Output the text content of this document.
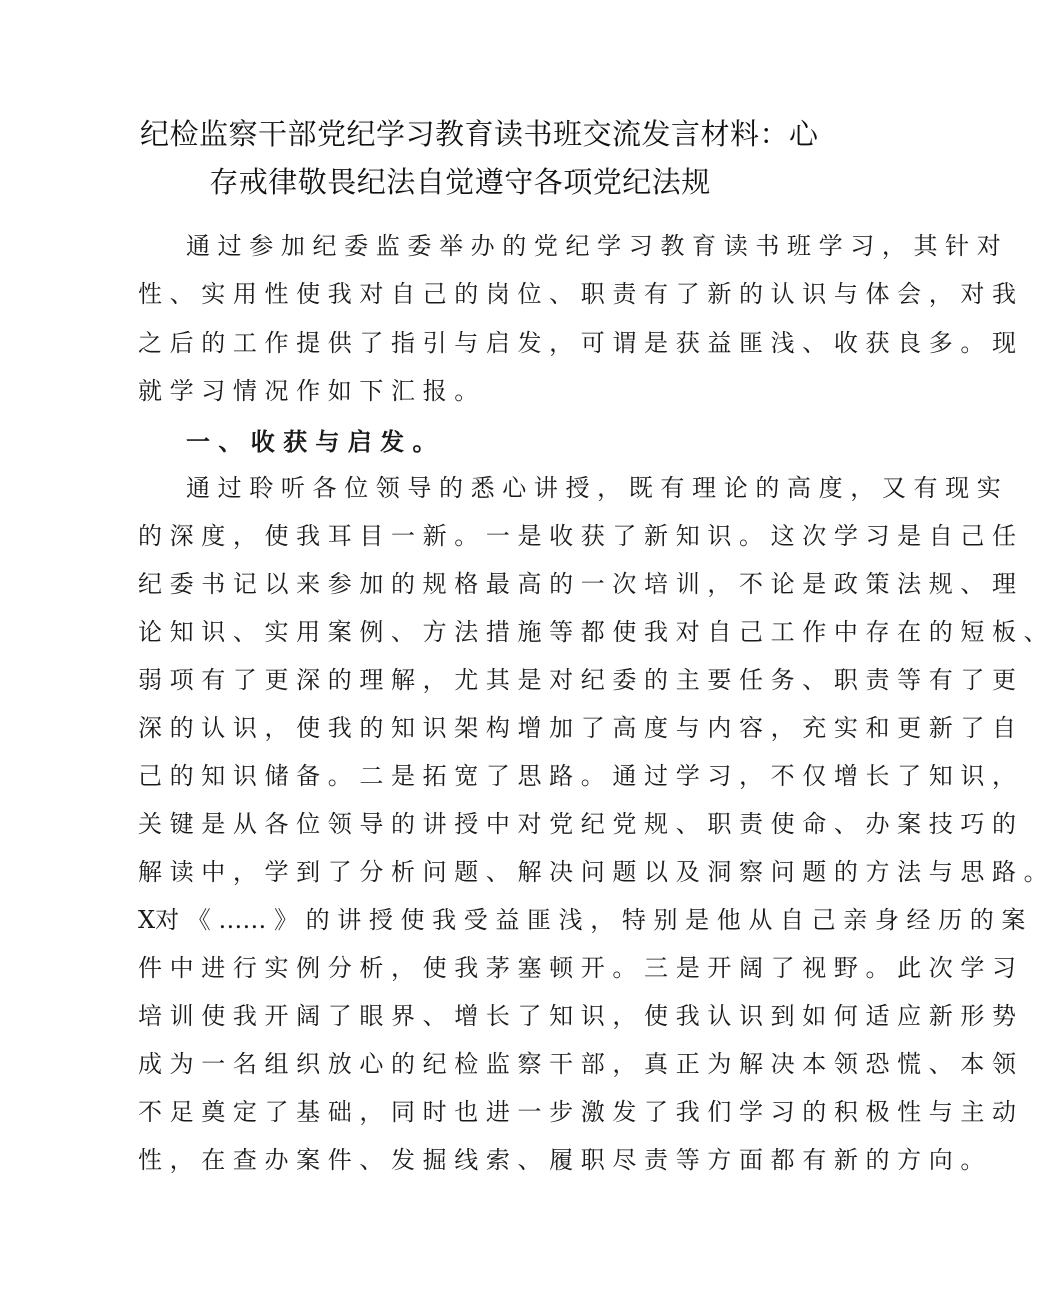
纪检监察干部党纪学习教育读书班交流发言材料：心
存戒律敬畏纪法自觉遵守各项党纪法规
通 过 参 加 纪 委 监 委 举 办 的 党 纪 学 习 教 育 读 书 班 学 习 ， 其 针 对
性 、 实 用 性 使 我 对 自 己 的 岗 位 、 职 责 有 了 新 的 认 识 与 体 会 ， 对 我
之 后 的 工 作 提 供 了 指 引 与 启 发 ， 可 谓 是 获 益 匪 浅 、 收 获 良 多 。 现
就 学 习 情 况 作 如 下 汇 报 。
一 、 收 获 与 启 发 。
通 过 聆 听 各 位 领 导 的 悉 心 讲 授 ， 既 有 理 论 的 高 度 ， 又 有 现 实
的 深 度 ， 使 我 耳 目 一 新 。 一 是 收 获 了 新 知 识 。 这 次 学 习 是 自 己 任
纪 委 书 记 以 来 参 加 的 规 格 最 高 的 一 次 培 训 ， 不 论 是 政 策 法 规 、 理
论 知 识 、 实 用 案 例 、 方 法 措 施 等 都 使 我 对 自 己 工 作 中 存 在 的 短 板 、
弱 项 有 了 更 深 的 理 解 ， 尤 其 是 对 纪 委 的 主 要 任 务 、 职 责 等 有 了 更
深 的 认 识 ， 使 我 的 知 识 架 构 增 加 了 高 度 与 内 容 ， 充 实 和 更 新 了 自
己 的 知 识 储 备 。 二 是 拓 宽 了 思 路 。 通 过 学 习 ， 不 仅 增 长 了 知 识 ，
关 键 是 从 各 位 领 导 的 讲 授 中 对 党 纪 党 规 、 职 责 使 命 、 办 案 技 巧 的
解 读 中 ， 学 到 了 分 析 问 题 、 解 决 问 题 以 及 洞 察 问 题 的 方 法 与 思 路 。
X对 《 …… 》 的 讲 授 使 我 受 益 匪 浅 ， 特 别 是 他 从 自 己 亲 身 经 历 的 案
件 中 进 行 实 例 分 析 ， 使 我 茅 塞 顿 开 。 三 是 开 阔 了 视 野 。 此 次 学 习
培 训 使 我 开 阔 了 眼 界 、 增 长 了 知 识 ， 使 我 认 识 到 如 何 适 应 新 形 势
成 为 一 名 组 织 放 心 的 纪 检 监 察 干 部 ， 真 正 为 解 决 本 领 恐 慌 、 本 领
不 足 奠 定 了 基 础 ， 同 时 也 进 一 步 激 发 了 我 们 学 习 的 积 极 性 与 主 动
性 ， 在 查 办 案 件 、 发 掘 线 索 、 履 职 尽 责 等 方 面 都 有 新 的 方 向 。
